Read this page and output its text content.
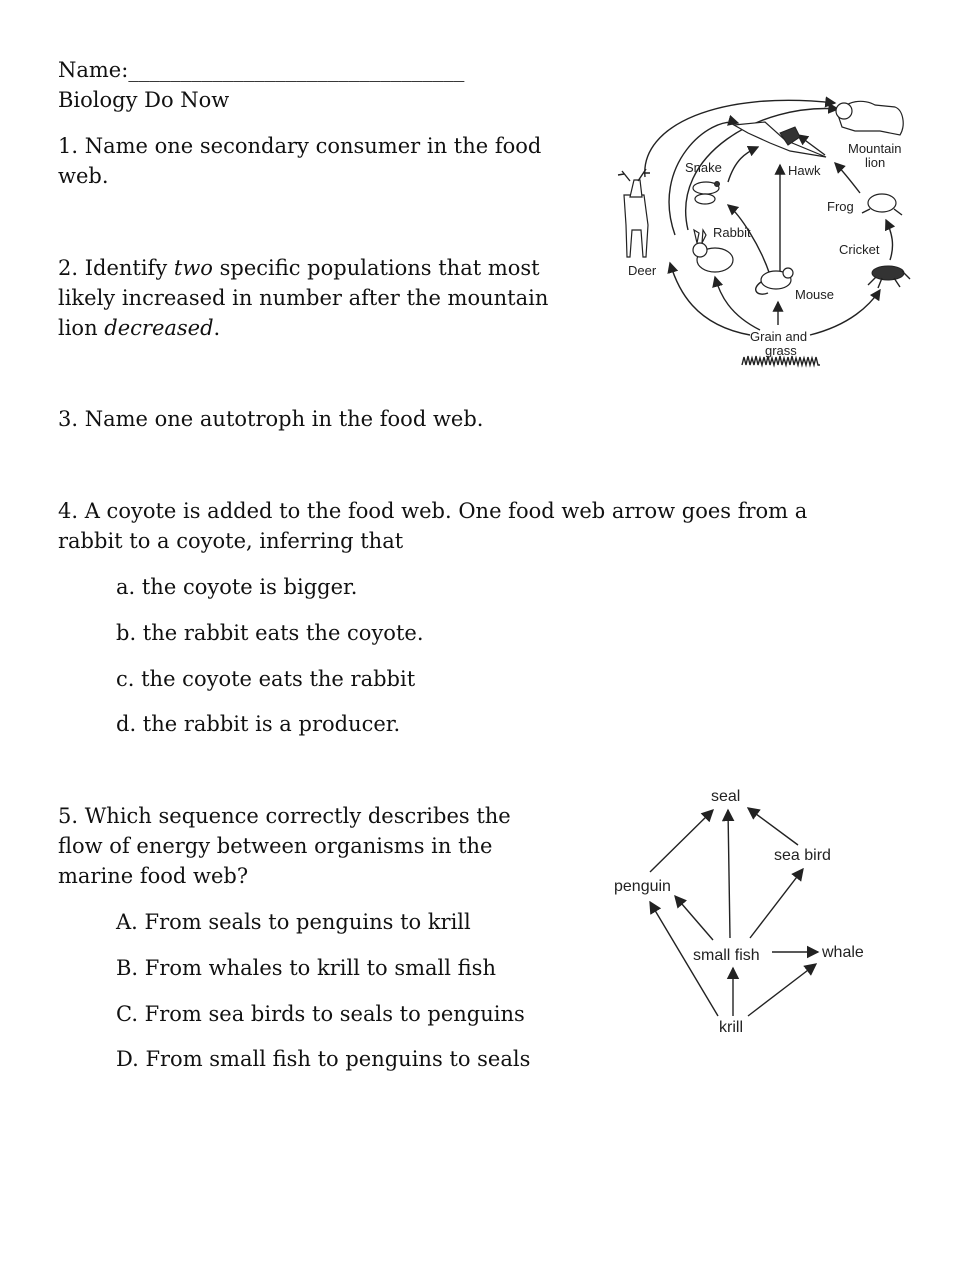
Name:________________________________
Biology Do Now
1. Name one secondary consumer in the food
web.
2. Identify two specific populations that most
likely increased in number after the mountain
lion decreased.
3. Name one autotroph in the food web.
4. A coyote is added to the food web. One food web arrow goes from a
rabbit to a coyote, inferring that
a. the coyote is bigger.
b. the rabbit eats the coyote.
c. the coyote eats the rabbit
d. the rabbit is a producer.
5. Which sequence correctly describes the
flow of energy between organisms in the
marine food web?
A. From seals to penguins to krill
B. From whales to krill to small fish
C. From sea birds to seals to penguins
D. From small fish to penguins to seals
Deer
Snake
Rabbit
Hawk
Mountain
lion
Frog
Cricket
Mouse
Grain and
grass
seal
sea bird
penguin
small fish	whale
krill
